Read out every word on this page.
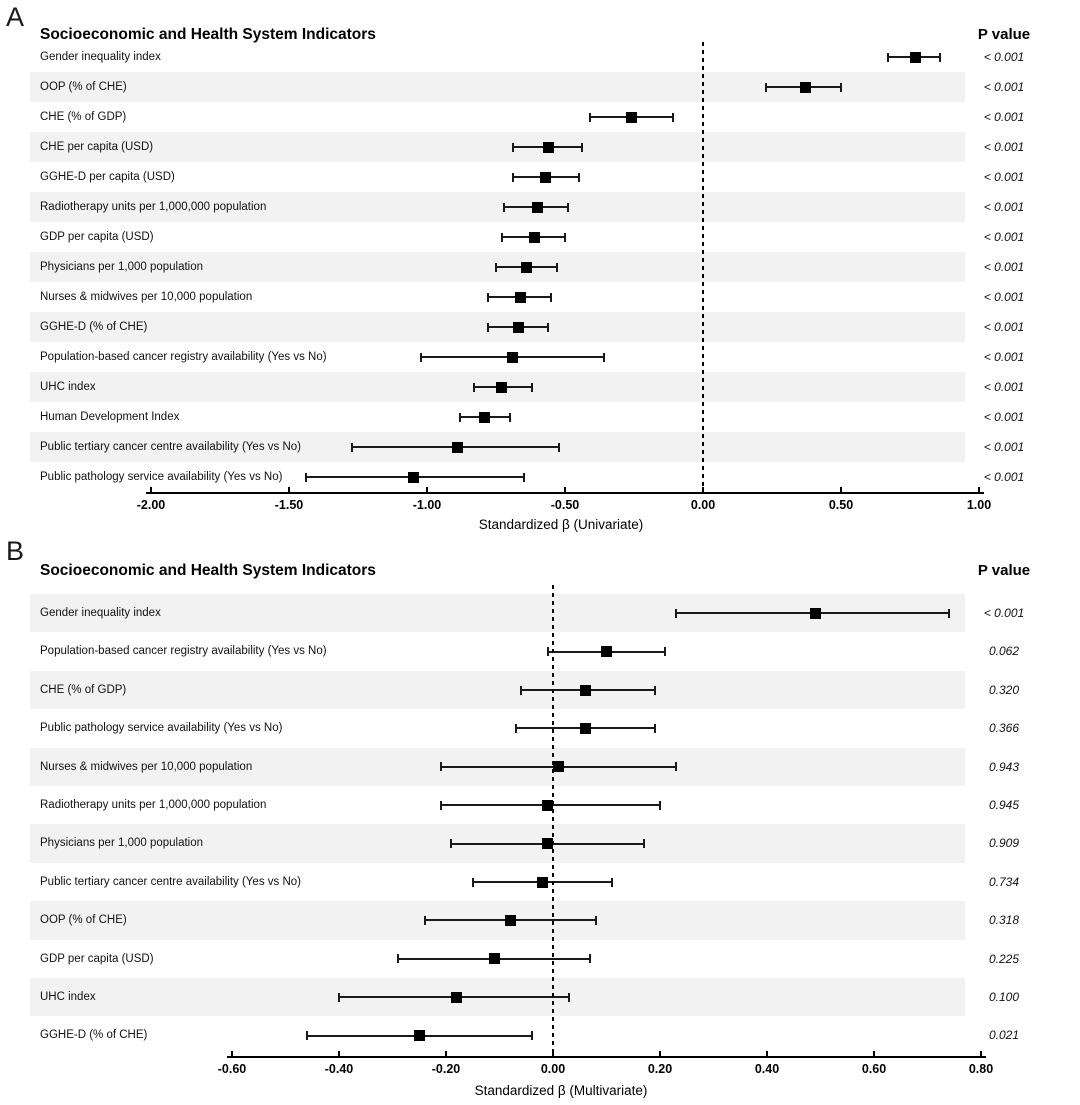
A
Socioeconomic and Health System Indicators	P value
Gender inequality index	< 0.001
OOP (% of CHE)	< 0.001
CHE (% of GDP)	< 0.001
CHE per capita (USD)	< 0.001
GGHE-D per capita (USD)	< 0.001
Radiotherapy units per 1,000,000 population	< 0.001
GDP per capita (USD)	< 0.001
Physicians per 1,000 population	< 0.001
Nurses & midwives per 10,000 population	< 0.001
GGHE-D (% of CHE)	< 0.001
Population-based cancer registry availability (Yes vs No)	< 0.001
UHC index	< 0.001
Human Development Index	< 0.001
Public tertiary cancer centre availability (Yes vs No)	< 0.001
Public pathology service availability (Yes vs No)	< 0.001
-2.00	-1.50	-1.00	-0.50	0.00	0.50	1.00
Standardized β (Univariate)
B
Socioeconomic and Health System Indicators	P value
Gender inequality index	< 0.001
Population-based cancer registry availability (Yes vs No)	0.062
CHE (% of GDP)	0.320
Public pathology service availability (Yes vs No)	0.366
Nurses & midwives per 10,000 population	0.943
Radiotherapy units per 1,000,000 population	0.945
Physicians per 1,000 population	0.909
Public tertiary cancer centre availability (Yes vs No)	0.734
OOP (% of CHE)	0.318
GDP per capita (USD)	0.225
UHC index	0.100
GGHE-D (% of CHE)	0.021
-0.60	-0.40	-0.20	0.00	0.20	0.40	0.60	0.80
Standardized β (Multivariate)
